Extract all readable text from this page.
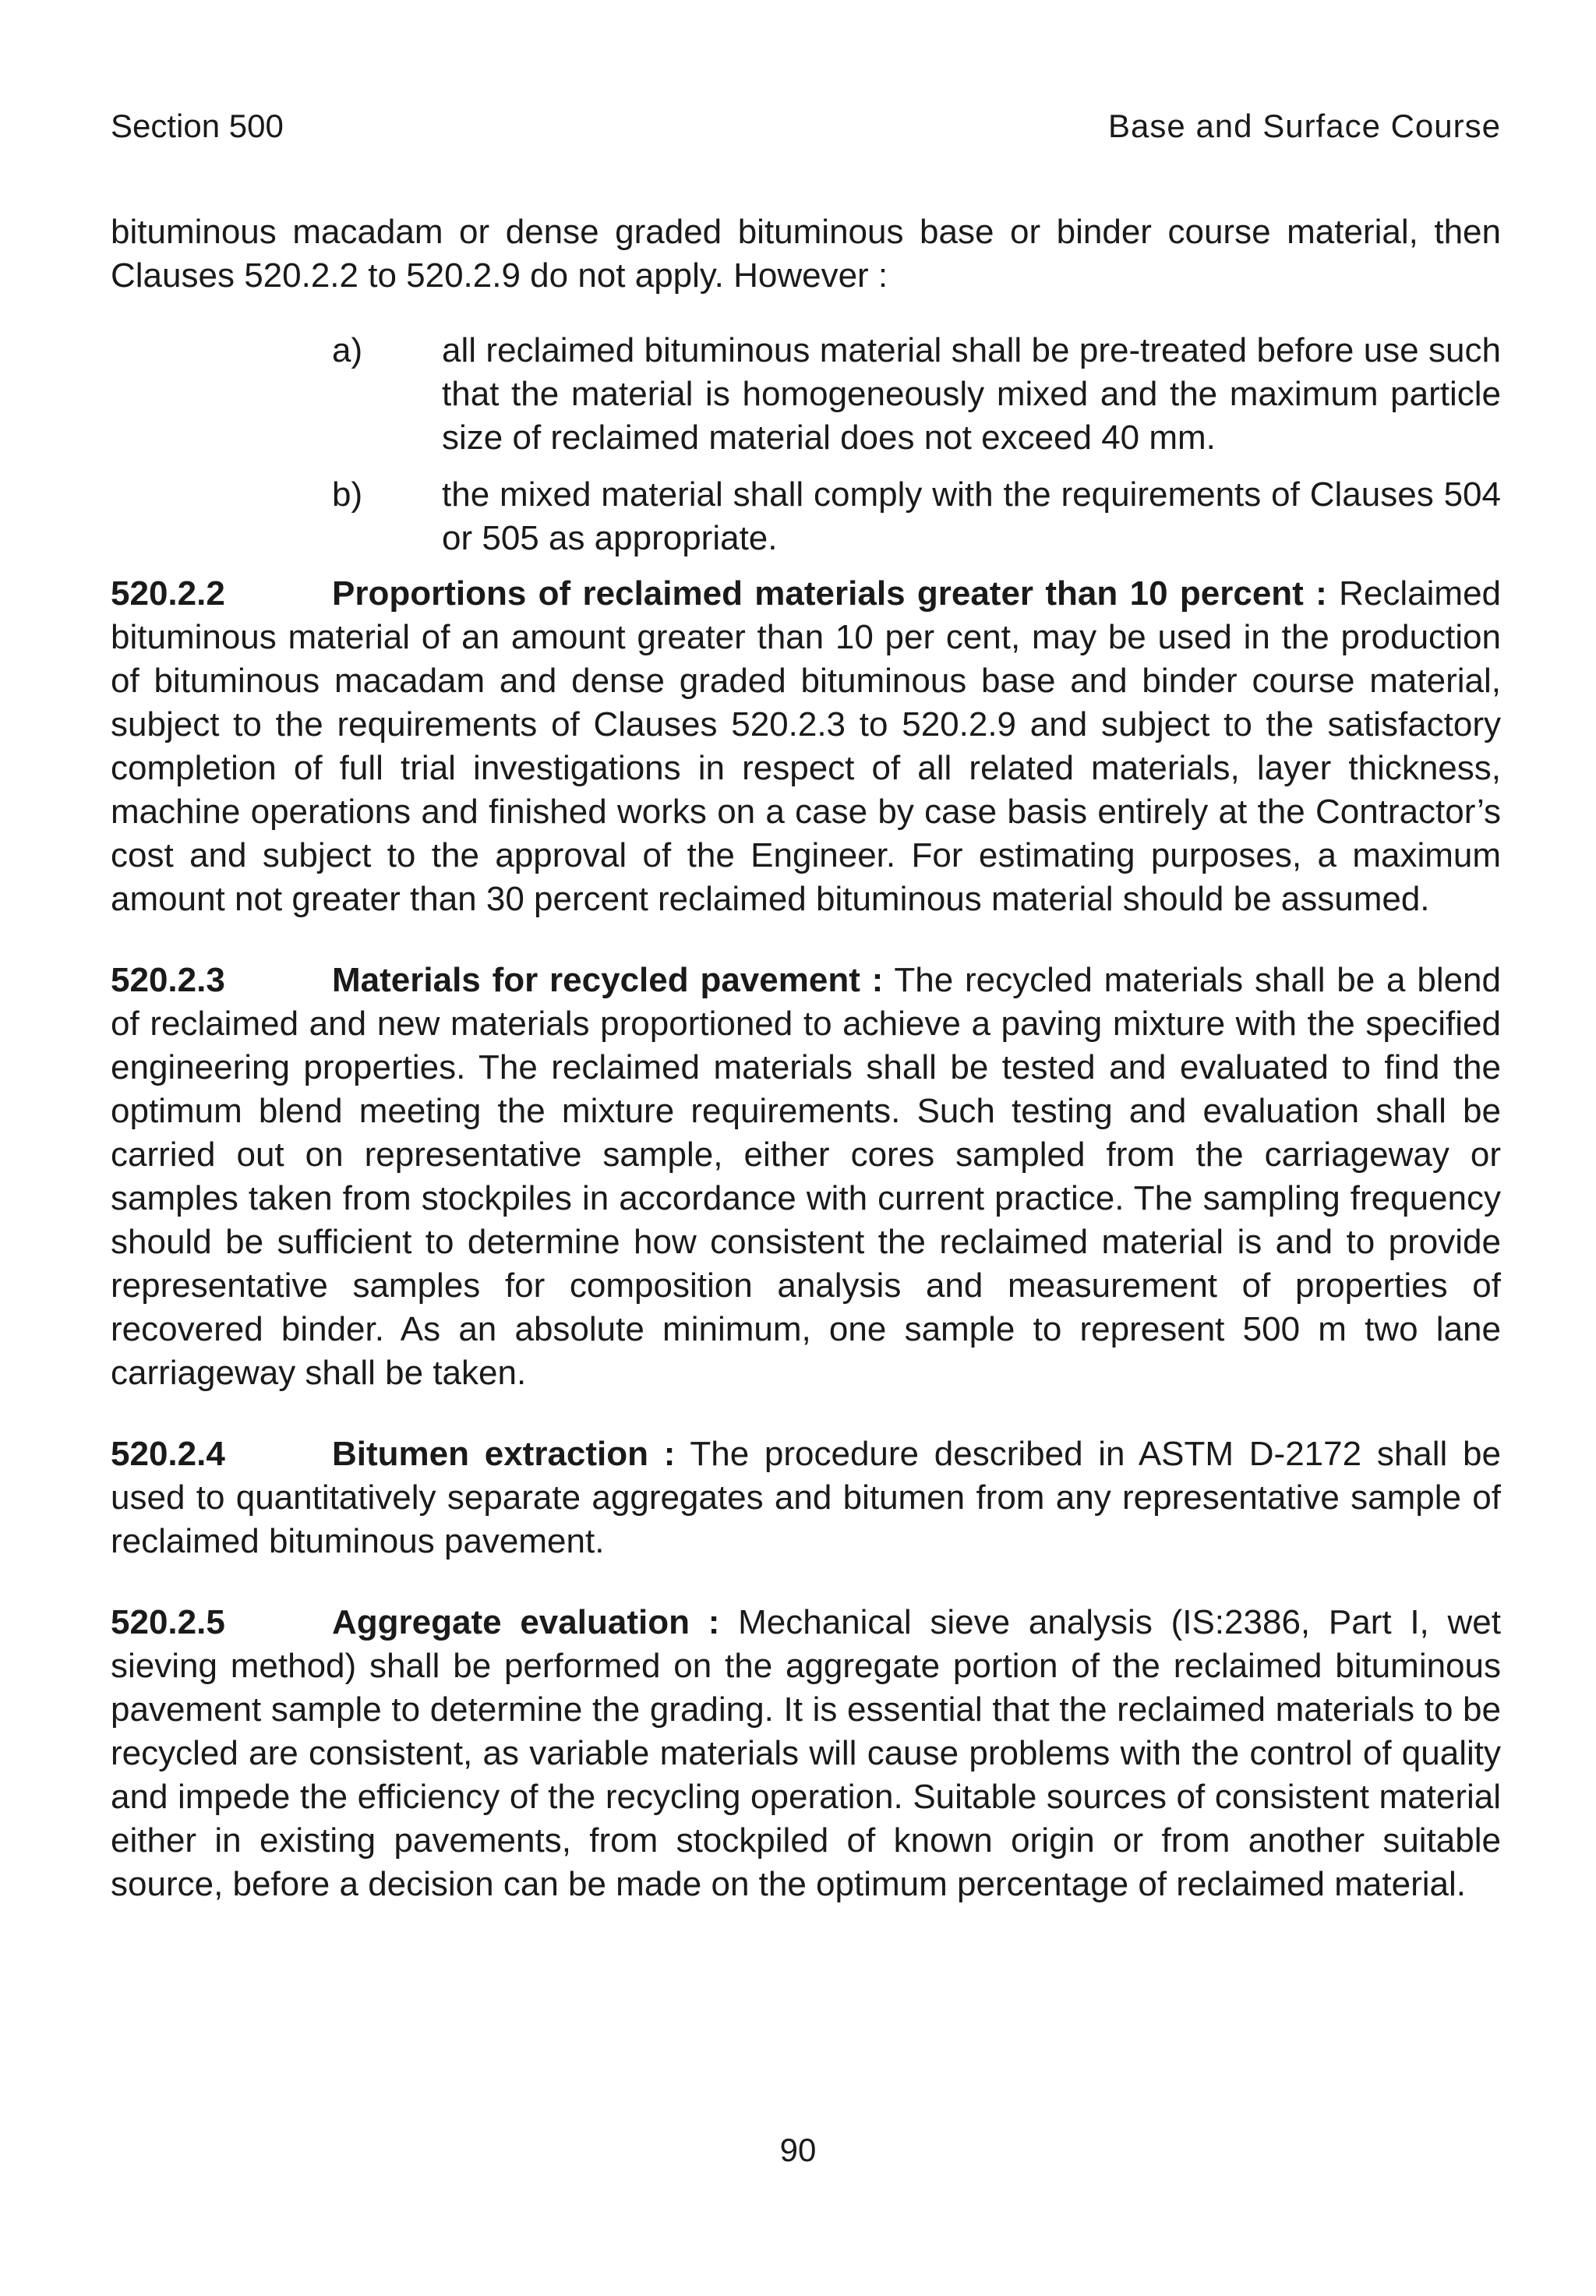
Section 500	Base and Surface Course

bituminous macadam or dense graded bituminous base or binder course material, then Clauses 520.2.2 to 520.2.9 do not apply. However :

a)	all reclaimed bituminous material shall be pre-treated before use such that the material is homogeneously mixed and the maximum particle size of reclaimed material does not exceed 40 mm.
b)	the mixed material shall comply with the requirements of Clauses 504 or 505 as appropriate.

520.2.2	Proportions of reclaimed materials greater than 10 percent : Reclaimed bituminous material of an amount greater than 10 per cent, may be used in the production of bituminous macadam and dense graded bituminous base and binder course material, subject to the requirements of Clauses 520.2.3 to 520.2.9 and subject to the satisfactory completion of full trial investigations in respect of all related materials, layer thickness, machine operations and finished works on a case by case basis entirely at the Contractor’s cost and subject to the approval of the Engineer. For estimating purposes, a maximum amount not greater than 30 percent reclaimed bituminous material should be assumed.

520.2.3	Materials for recycled pavement : The recycled materials shall be a blend of reclaimed and new materials proportioned to achieve a paving mixture with the specified engineering properties. The reclaimed materials shall be tested and evaluated to find the optimum blend meeting the mixture requirements. Such testing and evaluation shall be carried out on representative sample, either cores sampled from the carriageway or samples taken from stockpiles in accordance with current practice. The sampling frequency should be sufficient to determine how consistent the reclaimed material is and to provide representative samples for composition analysis and measurement of properties of recovered binder. As an absolute minimum, one sample to represent 500 m two lane carriageway shall be taken.

520.2.4	Bitumen extraction : The procedure described in ASTM D-2172 shall be used to quantitatively separate aggregates and bitumen from any representative sample of reclaimed bituminous pavement.

520.2.5	Aggregate evaluation : Mechanical sieve analysis (IS:2386, Part I, wet sieving method) shall be performed on the aggregate portion of the reclaimed bituminous pavement sample to determine the grading. It is essential that the reclaimed materials to be recycled are consistent, as variable materials will cause problems with the control of quality and impede the efficiency of the recycling operation. Suitable sources of consistent material either in existing pavements, from stockpiled of known origin or from another suitable source, before a decision can be made on the optimum percentage of reclaimed material.

90
